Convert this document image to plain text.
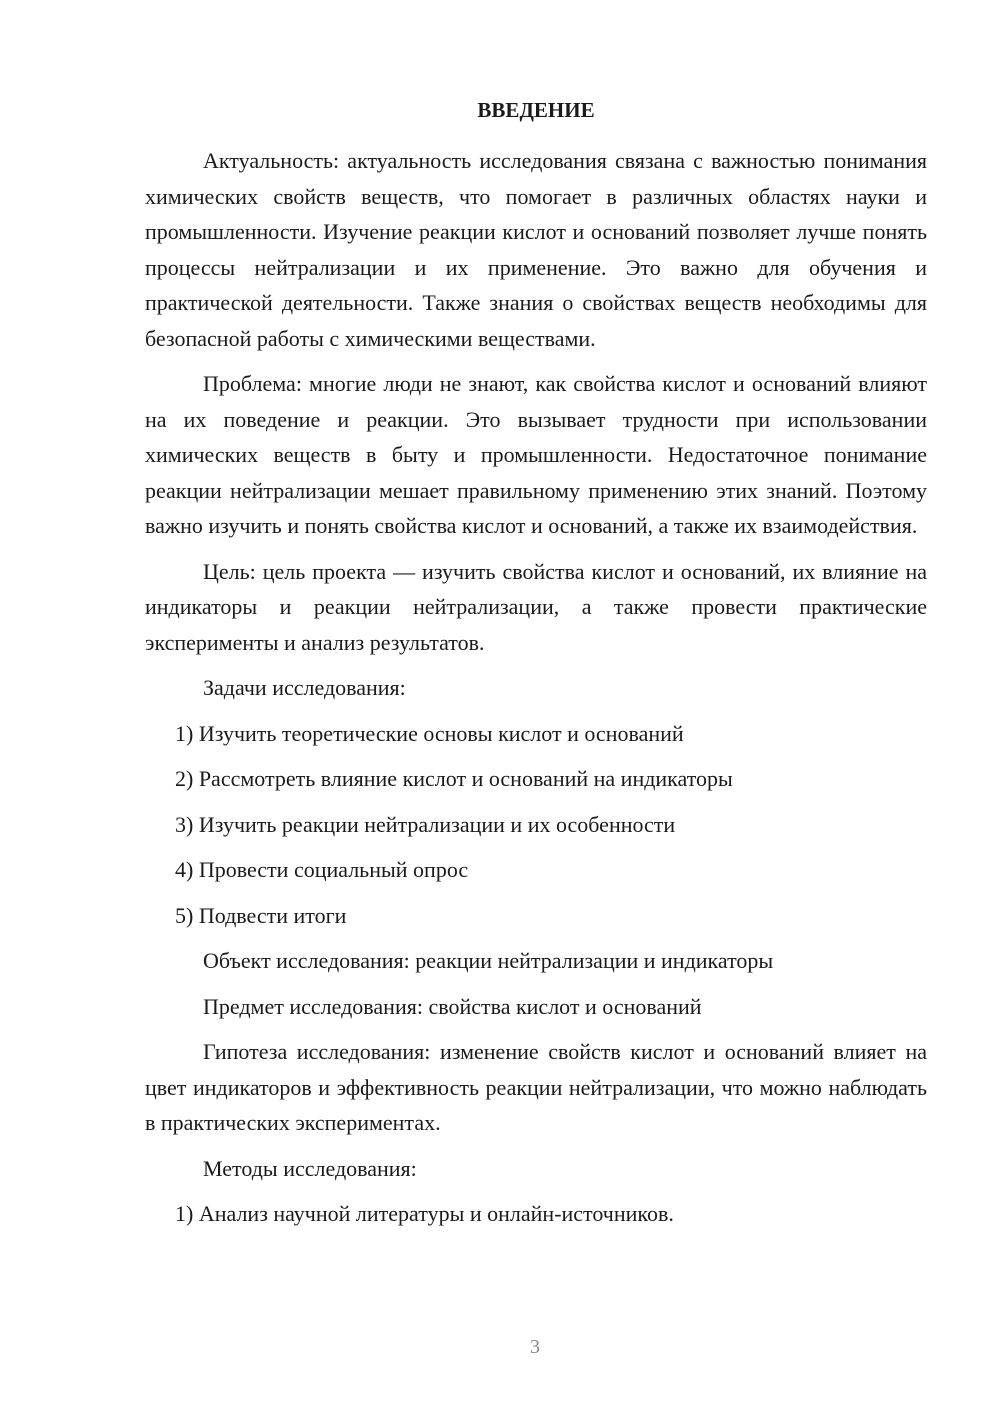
ВВЕДЕНИЕ

Актуальность: актуальность исследования связана с важностью понимания химических свойств веществ, что помогает в различных областях науки и промышленности. Изучение реакции кислот и оснований позволяет лучше понять процессы нейтрализации и их применение. Это важно для обучения и практической деятельности. Также знания о свойствах веществ необходимы для безопасной работы с химическими веществами.

Проблема: многие люди не знают, как свойства кислот и оснований влияют на их поведение и реакции. Это вызывает трудности при использовании химических веществ в быту и промышленности. Недостаточное понимание реакции нейтрализации мешает правильному применению этих знаний. Поэтому важно изучить и понять свойства кислот и оснований, а также их взаимодействия.

Цель: цель проекта — изучить свойства кислот и оснований, их влияние на индикаторы и реакции нейтрализации, а также провести практические эксперименты и анализ результатов.

Задачи исследования:
1) Изучить теоретические основы кислот и оснований
2) Рассмотреть влияние кислот и оснований на индикаторы
3) Изучить реакции нейтрализации и их особенности
4) Провести социальный опрос
5) Подвести итоги
Объект исследования: реакции нейтрализации и индикаторы
Предмет исследования: свойства кислот и оснований

Гипотеза исследования: изменение свойств кислот и оснований влияет на цвет индикаторов и эффективность реакции нейтрализации, что можно наблюдать в практических экспериментах.

Методы исследования:
1) Анализ научной литературы и онлайн-источников.
3
